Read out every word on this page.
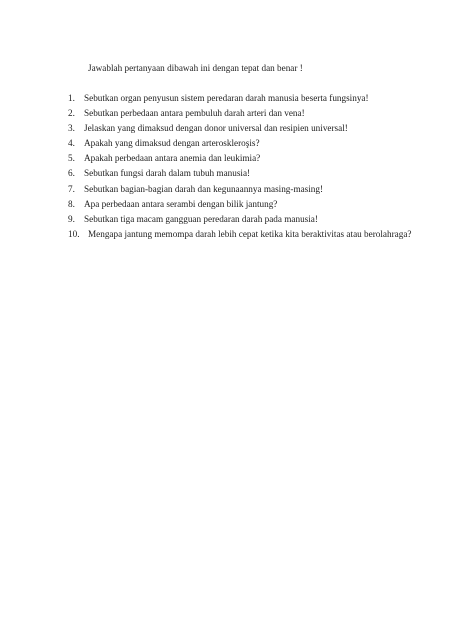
Jawablah pertanyaan dibawah ini dengan tepat dan benar !
1. Sebutkan organ penyusun sistem peredaran darah manusia beserta fungsinya!
2. Sebutkan perbedaan antara pembuluh darah arteri dan vena!
3. Jelaskan yang dimaksud dengan donor universal dan resipien universal!
4. Apakah yang dimaksud dengan arteroskleroşis?
5. Apakah perbedaan antara anemia dan leukimia?
6. Sebutkan fungsi darah dalam tubuh manusia!
7. Sebutkan bagian-bagian darah dan kegunaannya masing-masing!
8. Apa perbedaan antara serambi dengan bilik jantung?
9. Sebutkan tiga macam gangguan peredaran darah pada manusia!
10. Mengapa jantung memompa darah lebih cepat ketika kita beraktivitas atau berolahraga?
